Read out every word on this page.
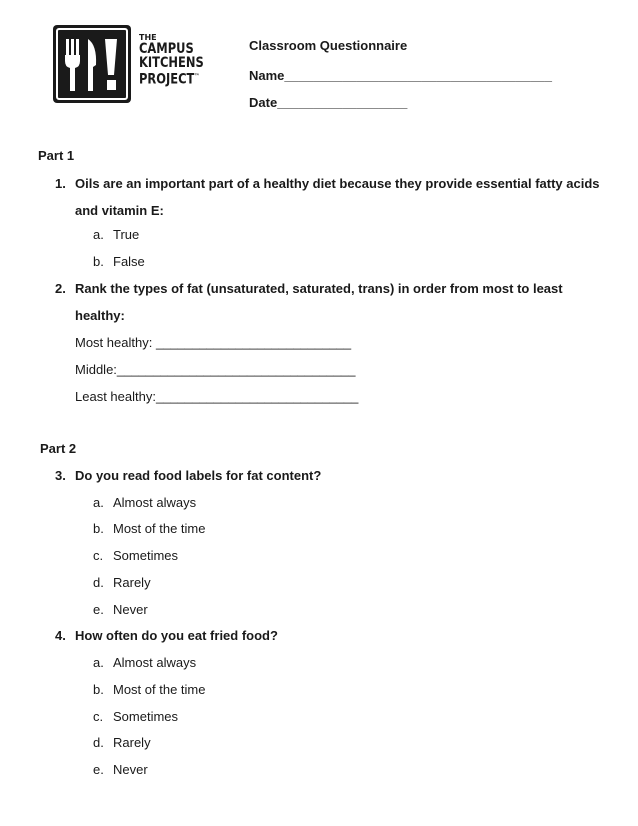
THE
CAMPUS
KITCHENS
PROJECT™
Classroom Questionnaire
Name_____________________________________
Date__________________
Part 1
1. Oils are an important part of a healthy diet because they provide essential fatty acids
and vitamin E:
a. True
b. False
2. Rank the types of fat (unsaturated, saturated, trans) in order from most to least
healthy:
Most healthy: ___________________________
Middle:_________________________________
Least healthy:____________________________
Part 2
3. Do you read food labels for fat content?
a. Almost always
b. Most of the time
c. Sometimes
d. Rarely
e. Never
4. How often do you eat fried food?
a. Almost always
b. Most of the time
c. Sometimes
d. Rarely
e. Never
